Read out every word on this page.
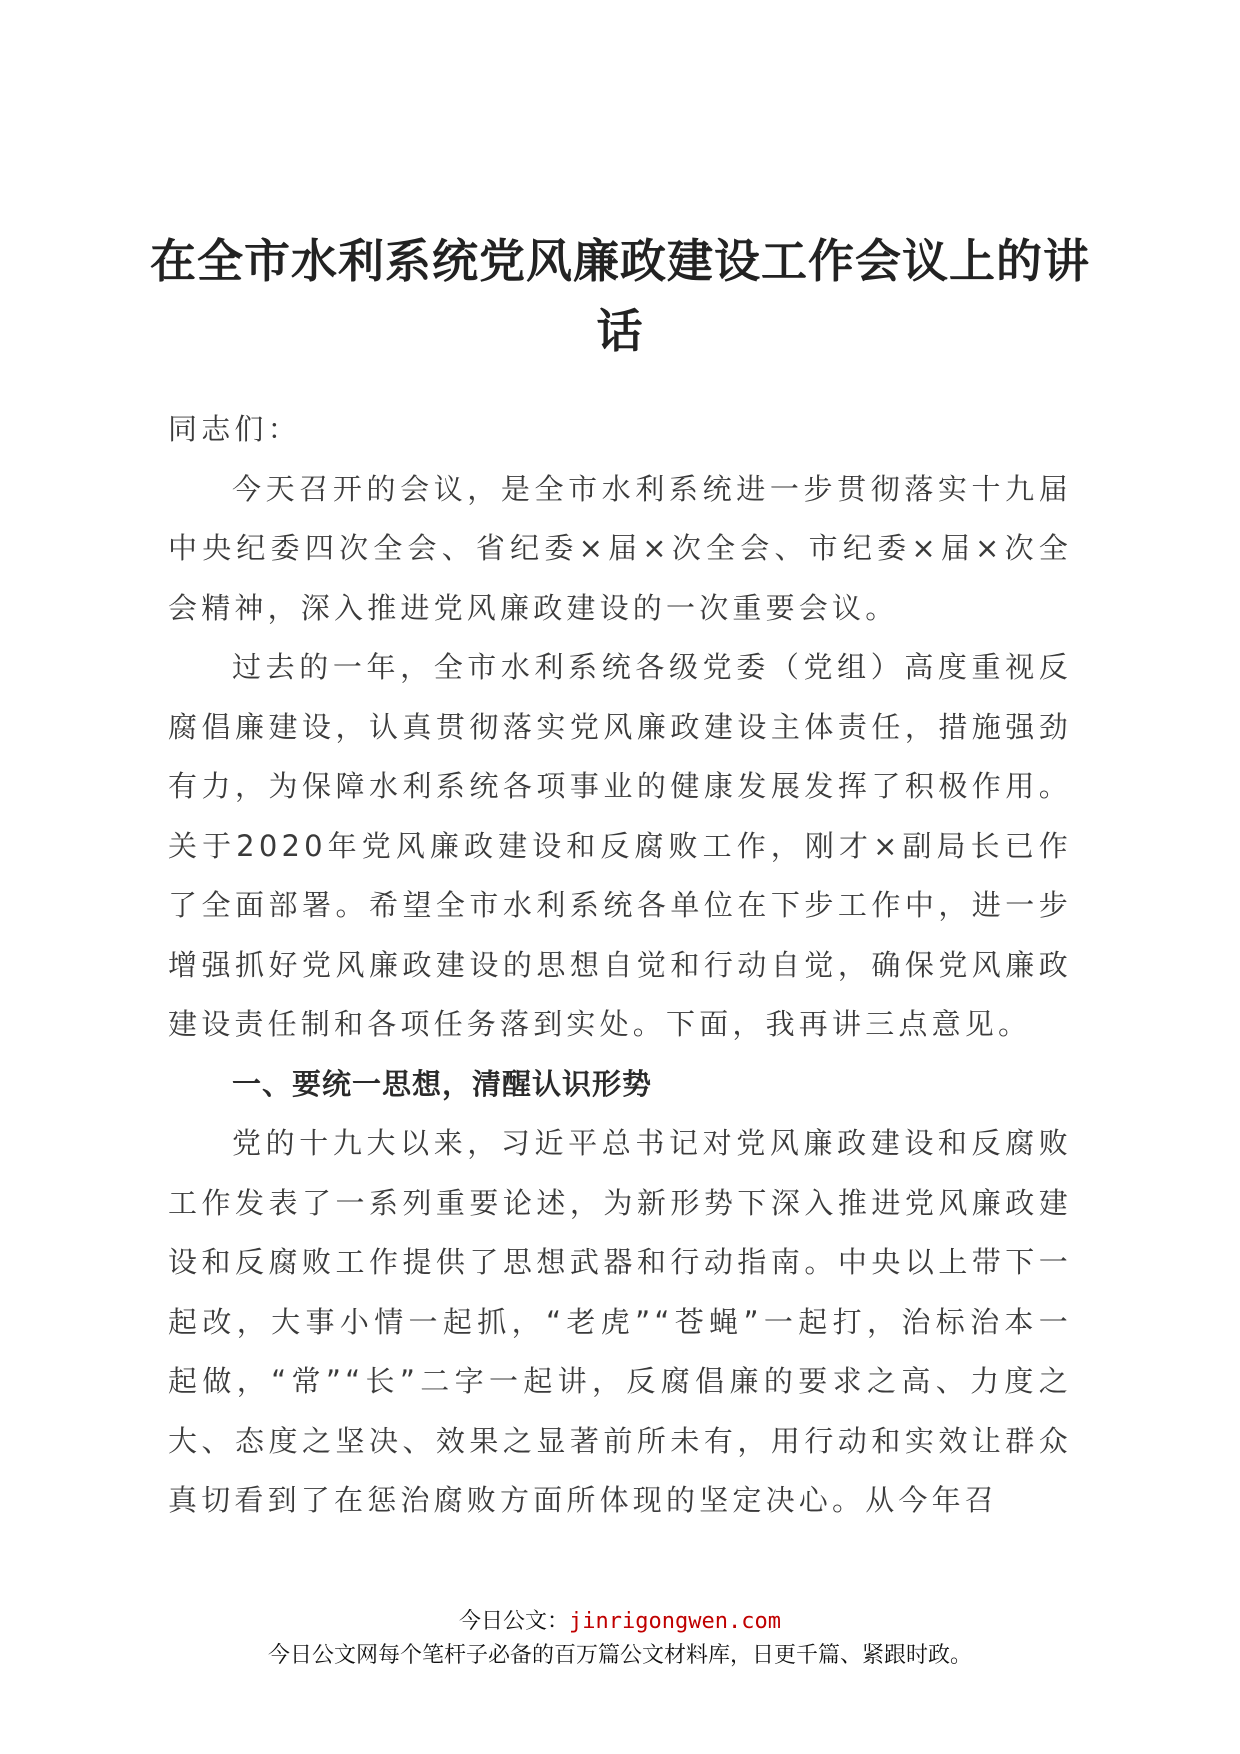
在全市水利系统党风廉政建设工作会议上的讲话

同志们：

今天召开的会议，是全市水利系统进一步贯彻落实十九届中央纪委四次全会、省纪委×届×次全会、市纪委×届×次全会精神，深入推进党风廉政建设的一次重要会议。

过去的一年，全市水利系统各级党委（党组）高度重视反腐倡廉建设，认真贯彻落实党风廉政建设主体责任，措施强劲有力，为保障水利系统各项事业的健康发展发挥了积极作用。关于2020年党风廉政建设和反腐败工作，刚才×副局长已作了全面部署。希望全市水利系统各单位在下步工作中，进一步增强抓好党风廉政建设的思想自觉和行动自觉，确保党风廉政建设责任制和各项任务落到实处。下面，我再讲三点意见。

一、要统一思想，清醒认识形势

党的十九大以来，习近平总书记对党风廉政建设和反腐败工作发表了一系列重要论述，为新形势下深入推进党风廉政建设和反腐败工作提供了思想武器和行动指南。中央以上带下一起改，大事小情一起抓，“老虎”“苍蝇”一起打，治标治本一起做，“常”“长”二字一起讲，反腐倡廉的要求之高、力度之大、态度之坚决、效果之显著前所未有，用行动和实效让群众真切看到了在惩治腐败方面所体现的坚定决心。从今年召

今日公文：jinrigongwen.com
今日公文网每个笔杆子必备的百万篇公文材料库，日更千篇、紧跟时政。
